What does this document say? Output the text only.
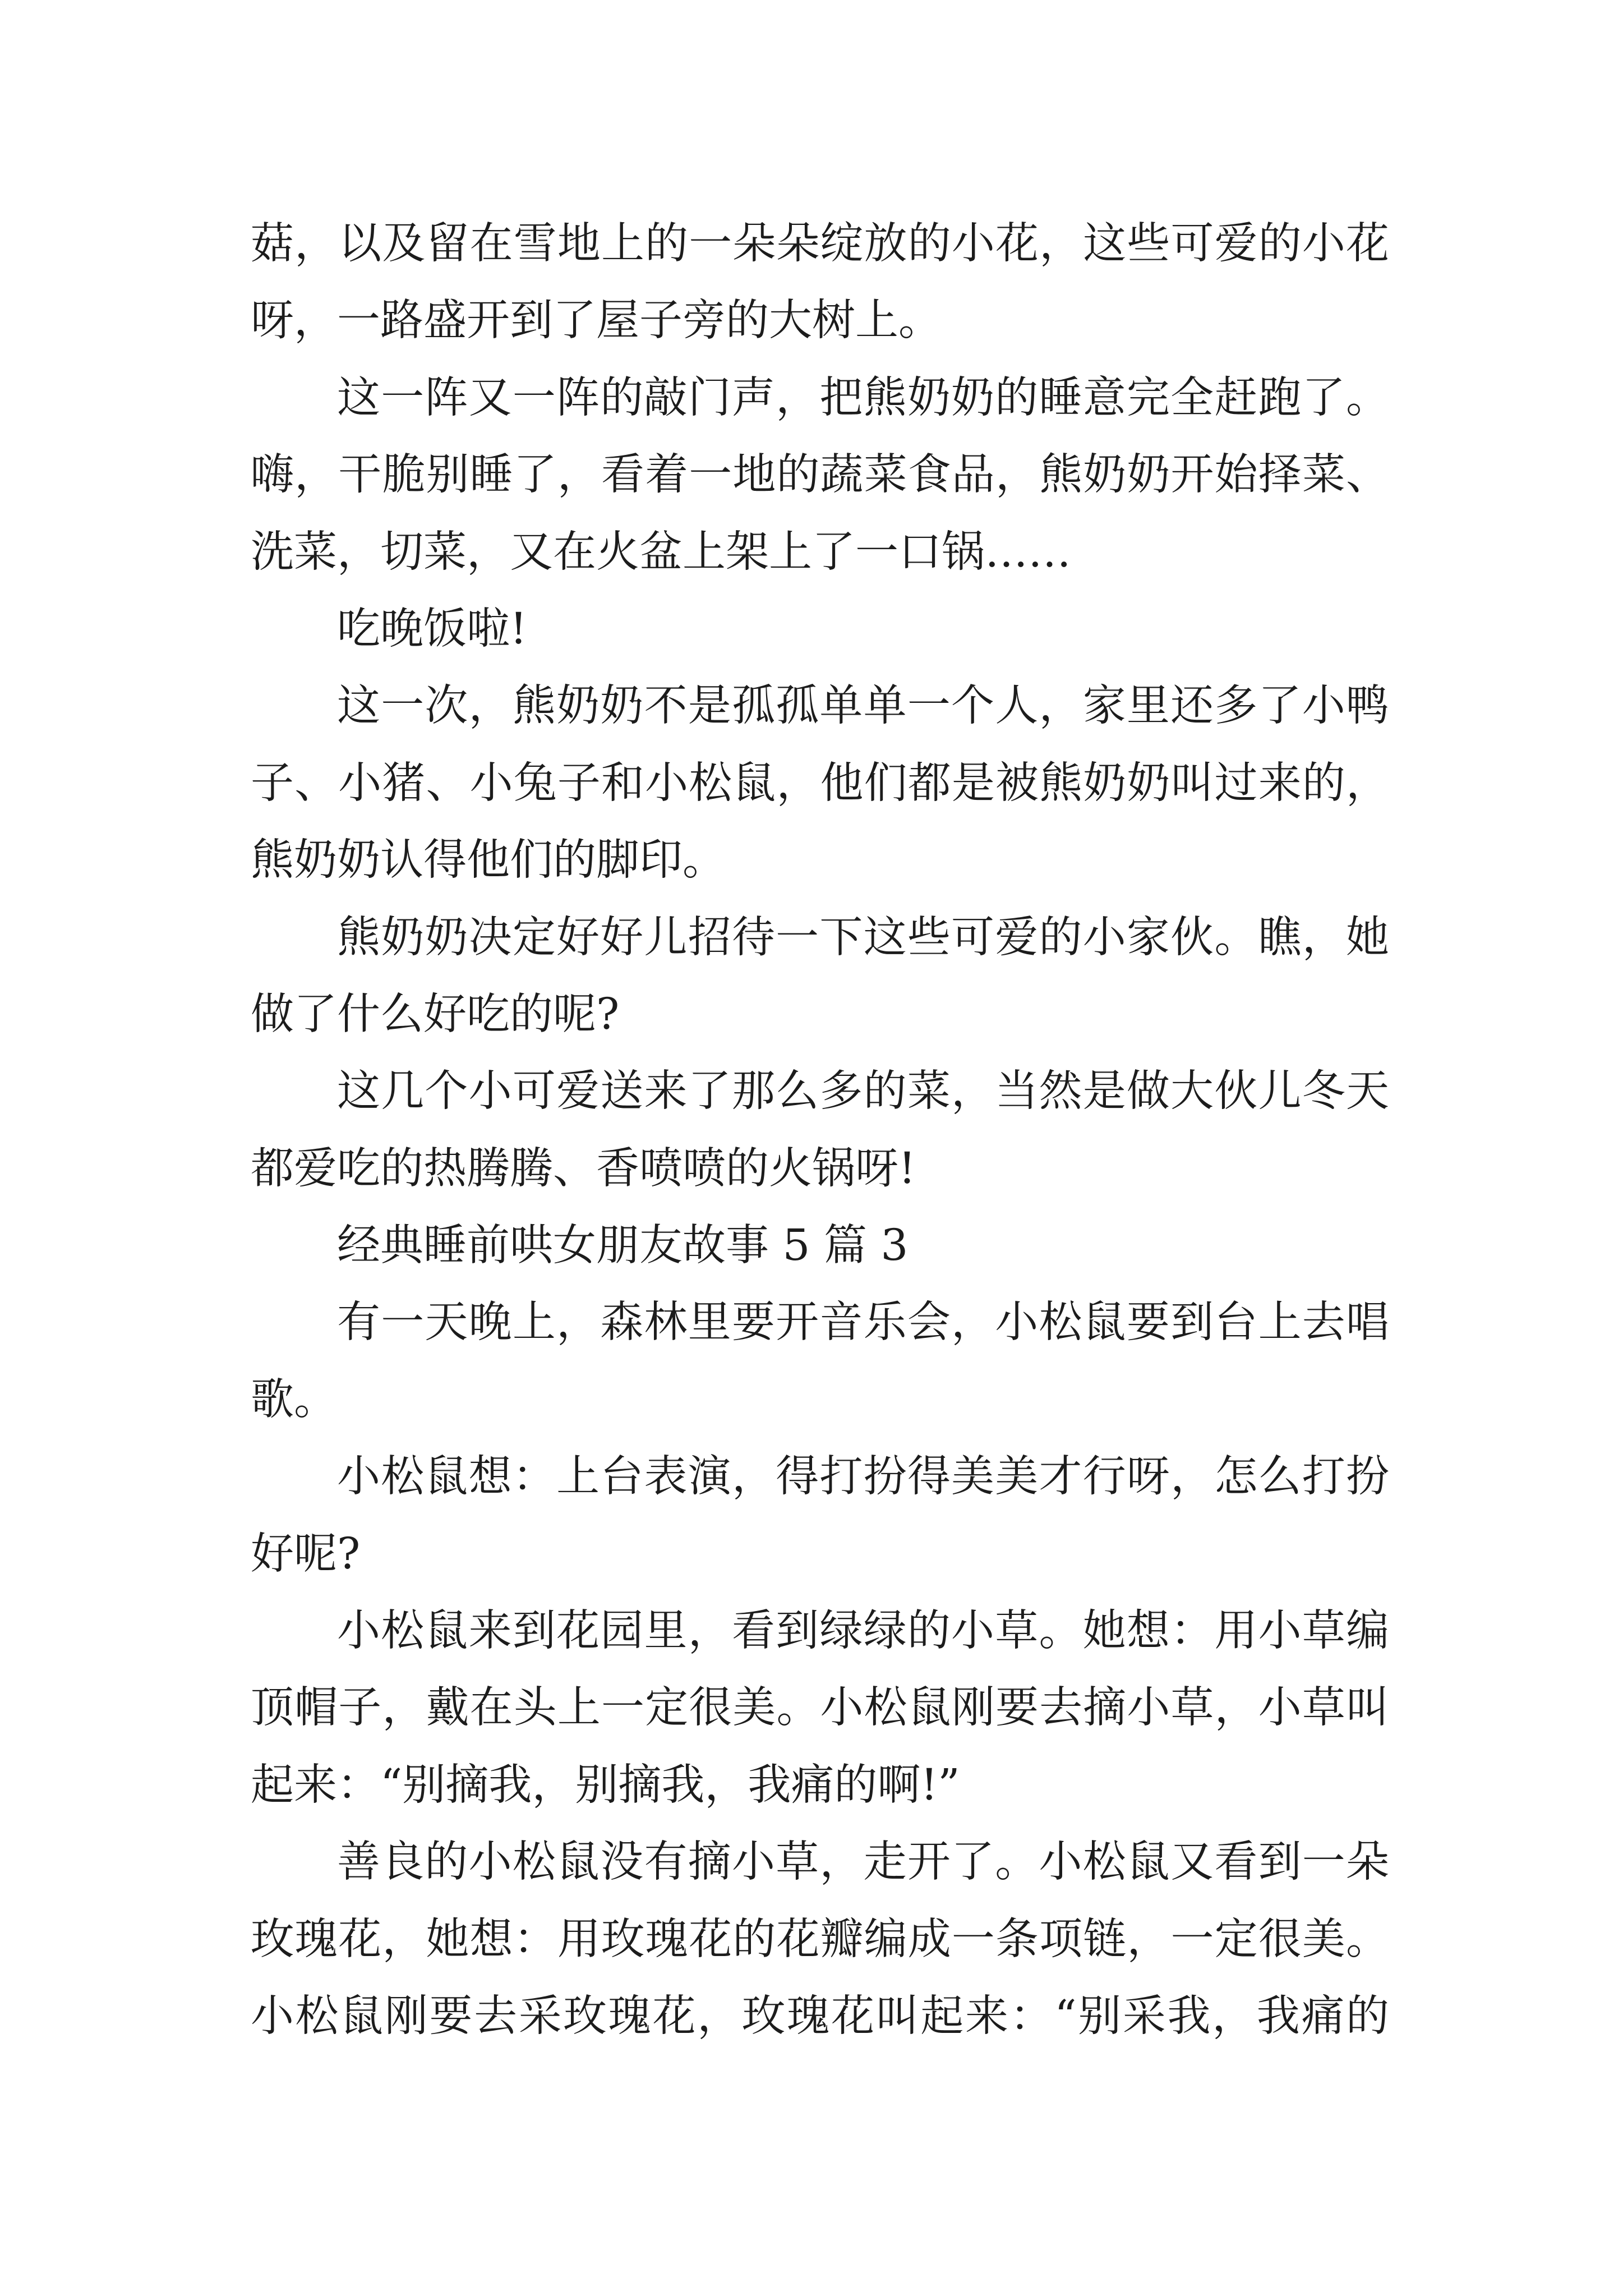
菇，以及留在雪地上的一朵朵绽放的小花，这些可爱的小花
呀，一路盛开到了屋子旁的大树上。
这一阵又一阵的敲门声，把熊奶奶的睡意完全赶跑了。
嗨，干脆别睡了，看着一地的蔬菜食品，熊奶奶开始择菜、
洗菜，切菜，又在火盆上架上了一口锅……
吃晚饭啦!
这一次，熊奶奶不是孤孤单单一个人，家里还多了小鸭
子、小猪、小兔子和小松鼠，他们都是被熊奶奶叫过来的，
熊奶奶认得他们的脚印。
熊奶奶决定好好儿招待一下这些可爱的小家伙。瞧，她
做了什么好吃的呢?
这几个小可爱送来了那么多的菜，当然是做大伙儿冬天
都爱吃的热腾腾、香喷喷的火锅呀!
经典睡前哄女朋友故事 5 篇 3
有一天晚上，森林里要开音乐会，小松鼠要到台上去唱
歌。
小松鼠想：上台表演，得打扮得美美才行呀，怎么打扮
好呢?
小松鼠来到花园里，看到绿绿的小草。她想：用小草编
顶帽子，戴在头上一定很美。小松鼠刚要去摘小草，小草叫
起来：“别摘我，别摘我，我痛的啊!”
善良的小松鼠没有摘小草，走开了。小松鼠又看到一朵
玫瑰花，她想：用玫瑰花的花瓣编成一条项链，一定很美。
小松鼠刚要去采玫瑰花，玫瑰花叫起来：“别采我，我痛的
